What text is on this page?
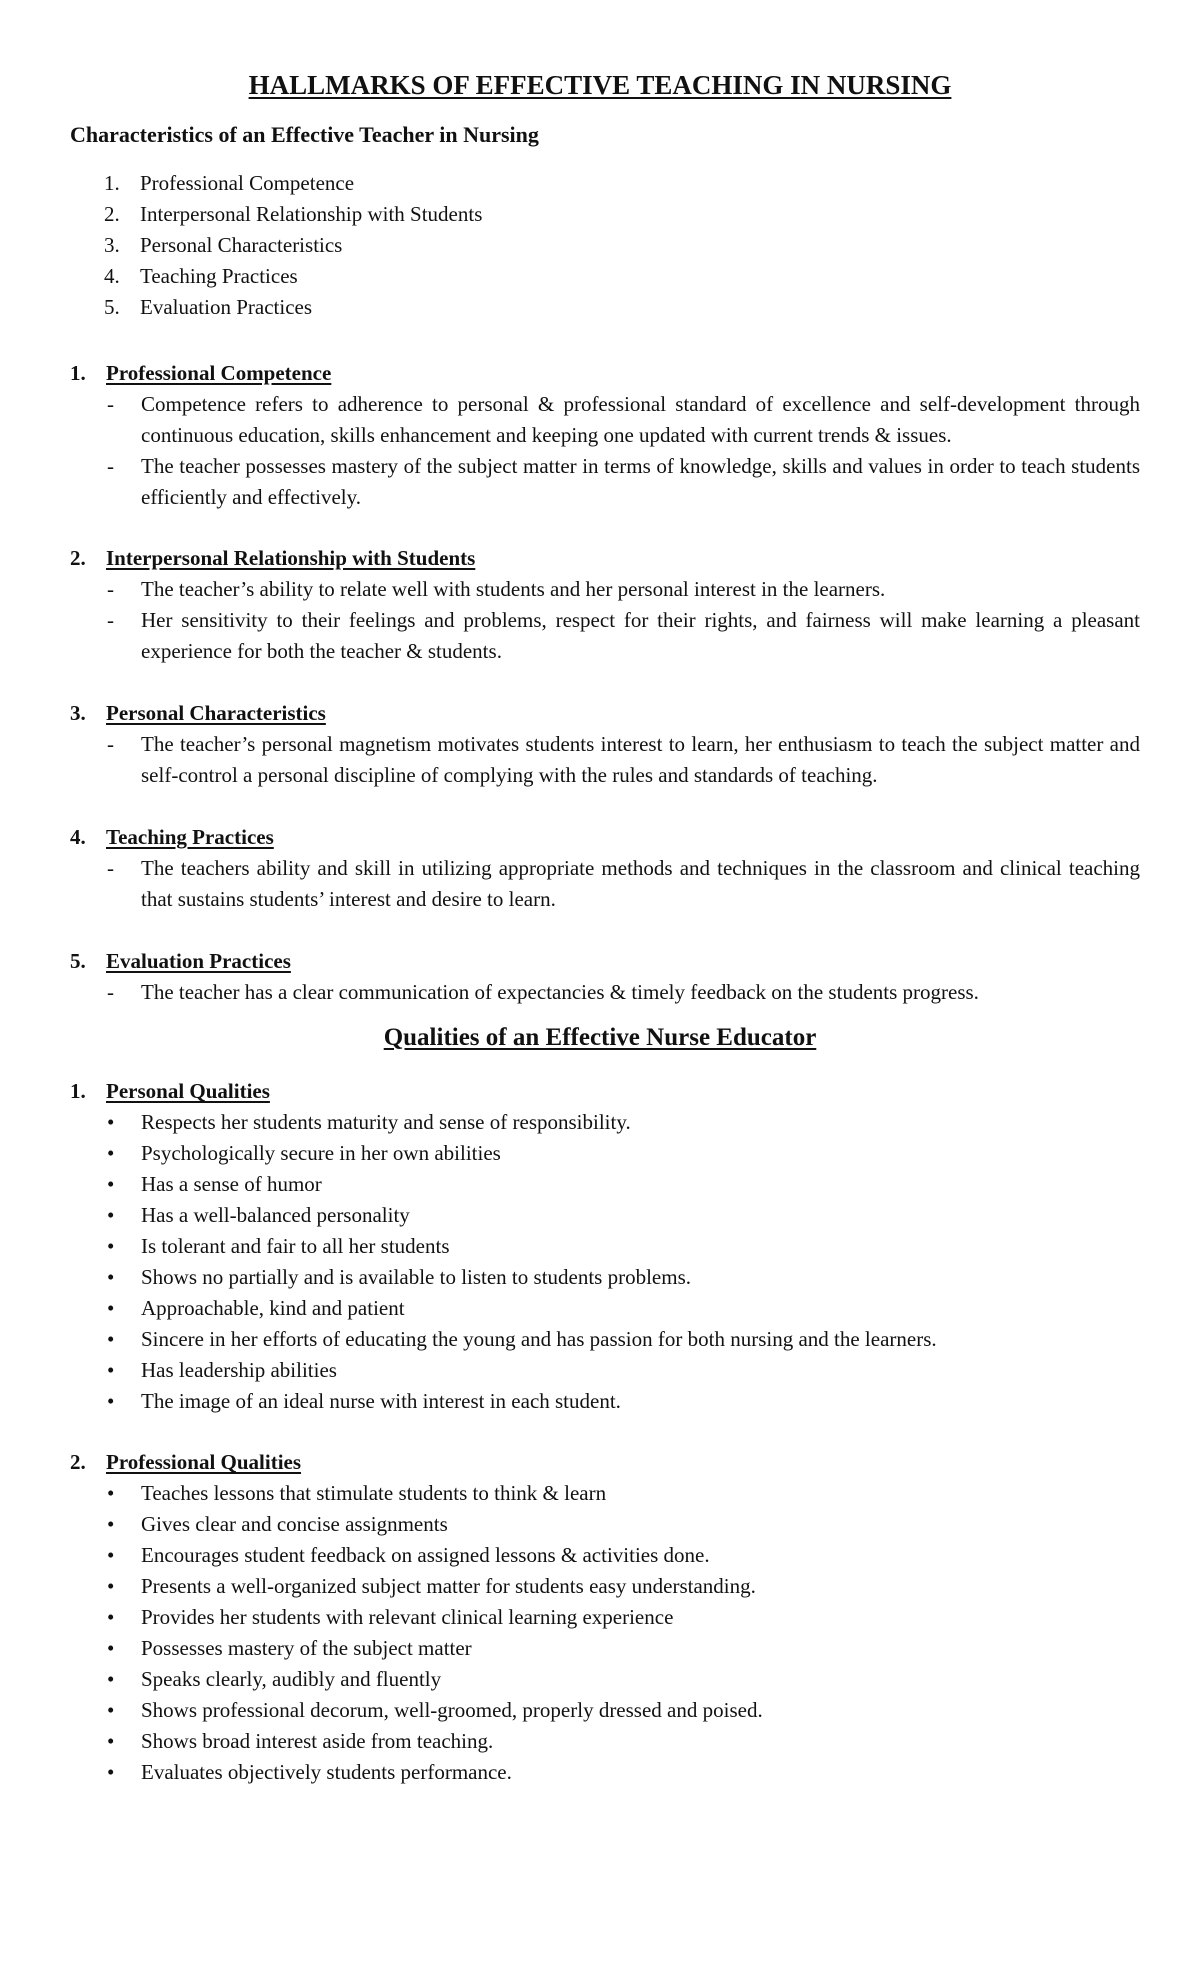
HALLMARKS OF EFFECTIVE TEACHING IN NURSING
Characteristics of an Effective Teacher in Nursing
1. Professional Competence
2. Interpersonal Relationship with Students
3. Personal Characteristics
4. Teaching Practices
5. Evaluation Practices
1. Professional Competence
-	Competence refers to adherence to personal & professional standard of excellence and self-development through continuous education, skills enhancement and keeping one updated with current trends & issues.
-	The teacher possesses mastery of the subject matter in terms of knowledge, skills and values in order to teach students efficiently and effectively.
2. Interpersonal Relationship with Students
-	The teacher’s ability to relate well with students and her personal interest in the learners.
-	Her sensitivity to their feelings and problems, respect for their rights, and fairness will make learning a pleasant experience for both the teacher & students.
3. Personal Characteristics
-	The teacher’s personal magnetism motivates students interest to learn, her enthusiasm to teach the subject matter and self-control a personal discipline of complying with the rules and standards of teaching.
4. Teaching Practices
-	The teachers ability and skill in utilizing appropriate methods and techniques in the classroom and clinical teaching that sustains students’ interest and desire to learn.
5. Evaluation Practices
-	The teacher has a clear communication of expectancies & timely feedback on the students progress.
Qualities of an Effective Nurse Educator
1. Personal Qualities
•	Respects her students maturity and sense of responsibility.
•	Psychologically secure in her own abilities
•	Has a sense of humor
•	Has a well-balanced personality
•	Is tolerant and fair to all her students
•	Shows no partially and is available to listen to students problems.
•	Approachable, kind and patient
•	Sincere in her efforts of educating the young and has passion for both nursing and the learners.
•	Has leadership abilities
•	The image of an ideal nurse with interest in each student.
2. Professional Qualities
•	Teaches lessons that stimulate students to think & learn
•	Gives clear and concise assignments
•	Encourages student feedback on assigned lessons & activities done.
•	Presents a well-organized subject matter for students easy understanding.
•	Provides her students with relevant clinical learning experience
•	Possesses mastery of the subject matter
•	Speaks clearly, audibly and fluently
•	Shows professional decorum, well-groomed, properly dressed and poised.
•	Shows broad interest aside from teaching.
•	Evaluates objectively students performance.
